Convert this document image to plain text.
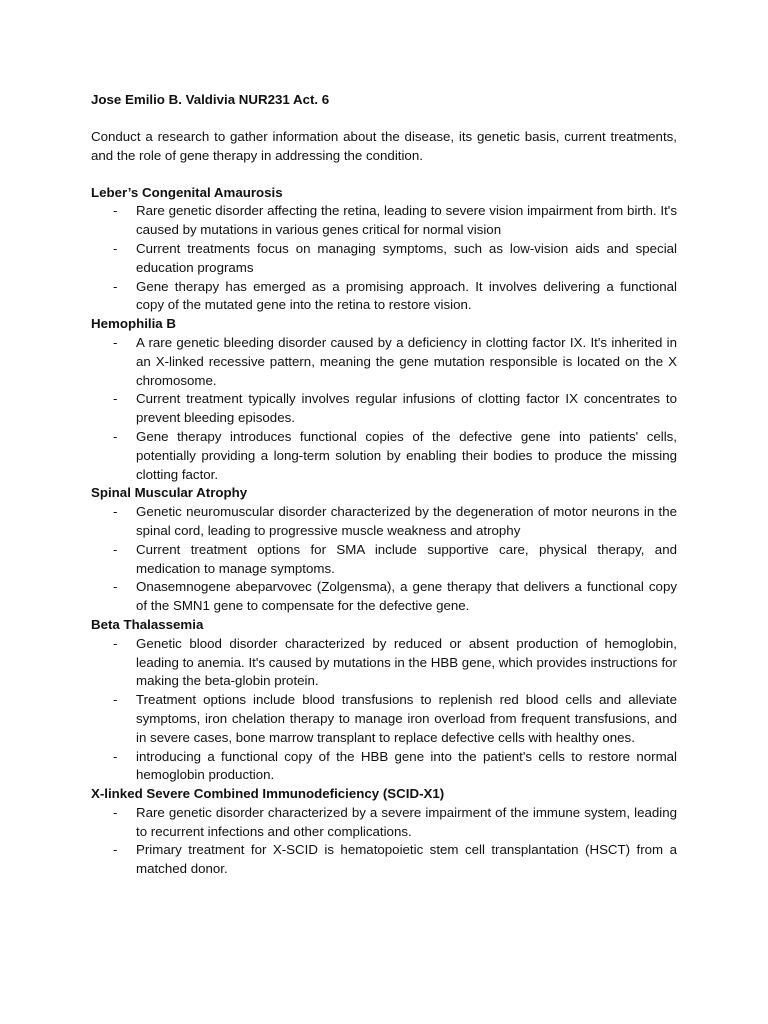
Jose Emilio B. Valdivia NUR231 Act. 6

Conduct a research to gather information about the disease, its genetic basis, current treatments, and the role of gene therapy in addressing the condition.

Leber’s Congenital Amaurosis

- Rare genetic disorder affecting the retina, leading to severe vision impairment from birth. It's caused by mutations in various genes critical for normal vision
- Current treatments focus on managing symptoms, such as low-vision aids and special education programs
- Gene therapy has emerged as a promising approach. It involves delivering a functional copy of the mutated gene into the retina to restore vision.

Hemophilia B

- A rare genetic bleeding disorder caused by a deficiency in clotting factor IX. It's inherited in an X-linked recessive pattern, meaning the gene mutation responsible is located on the X chromosome.
- Current treatment typically involves regular infusions of clotting factor IX concentrates to prevent bleeding episodes.
- Gene therapy introduces functional copies of the defective gene into patients' cells, potentially providing a long-term solution by enabling their bodies to produce the missing clotting factor.

Spinal Muscular Atrophy

- Genetic neuromuscular disorder characterized by the degeneration of motor neurons in the spinal cord, leading to progressive muscle weakness and atrophy
- Current treatment options for SMA include supportive care, physical therapy, and medication to manage symptoms.
- Onasemnogene abeparvovec (Zolgensma), a gene therapy that delivers a functional copy of the SMN1 gene to compensate for the defective gene.

Beta Thalassemia

- Genetic blood disorder characterized by reduced or absent production of hemoglobin, leading to anemia. It's caused by mutations in the HBB gene, which provides instructions for making the beta-globin protein.
- Treatment options include blood transfusions to replenish red blood cells and alleviate symptoms, iron chelation therapy to manage iron overload from frequent transfusions, and in severe cases, bone marrow transplant to replace defective cells with healthy ones.
- introducing a functional copy of the HBB gene into the patient's cells to restore normal hemoglobin production.

X-linked Severe Combined Immunodeficiency (SCID-X1)

- Rare genetic disorder characterized by a severe impairment of the immune system, leading to recurrent infections and other complications.
- Primary treatment for X-SCID is hematopoietic stem cell transplantation (HSCT) from a matched donor.
